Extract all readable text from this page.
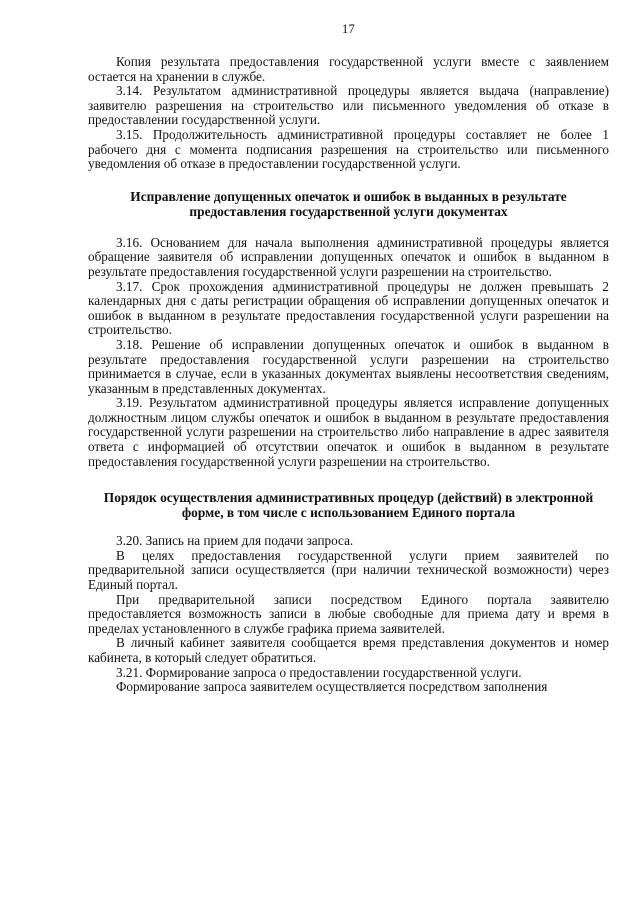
17

Копия результата предоставления государственной услуги вместе с заявлением остается на хранении в службе.

3.14. Результатом административной процедуры является выдача (направление) заявителю разрешения на строительство или письменного уведомления об отказе в предоставлении государственной услуги.

3.15. Продолжительность административной процедуры составляет не более 1 рабочего дня с момента подписания разрешения на строительство или письменного уведомления об отказе в предоставлении государственной услуги.

Исправление допущенных опечаток и ошибок в выданных в результате предоставления государственной услуги документах

3.16. Основанием для начала выполнения административной процедуры является обращение заявителя об исправлении допущенных опечаток и ошибок в выданном в результате предоставления государственной услуги разрешении на строительство.

3.17. Срок прохождения административной процедуры не должен превышать 2 календарных дня с даты регистрации обращения об исправлении допущенных опечаток и ошибок в выданном в результате предоставления государственной услуги разрешении на строительство.

3.18. Решение об исправлении допущенных опечаток и ошибок в выданном в результате предоставления государственной услуги разрешении на строительство принимается в случае, если в указанных документах выявлены несоответствия сведениям, указанным в представленных документах.

3.19. Результатом административной процедуры является исправление допущенных должностным лицом службы опечаток и ошибок в выданном в результате предоставления государственной услуги разрешении на строительство либо направление в адрес заявителя ответа с информацией об отсутствии опечаток и ошибок в выданном в результате предоставления государственной услуги разрешении на строительство.

Порядок осуществления административных процедур (действий) в электронной форме, в том числе с использованием Единого портала

3.20. Запись на прием для подачи запроса.

В целях предоставления государственной услуги прием заявителей по предварительной записи осуществляется (при наличии технической возможности) через Единый портал.

При предварительной записи посредством Единого портала заявителю предоставляется возможность записи в любые свободные для приема дату и время в пределах установленного в службе графика приема заявителей.

В личный кабинет заявителя сообщается время представления документов и номер кабинета, в который следует обратиться.

3.21. Формирование запроса о предоставлении государственной услуги.

Формирование запроса заявителем осуществляется посредством заполнения
